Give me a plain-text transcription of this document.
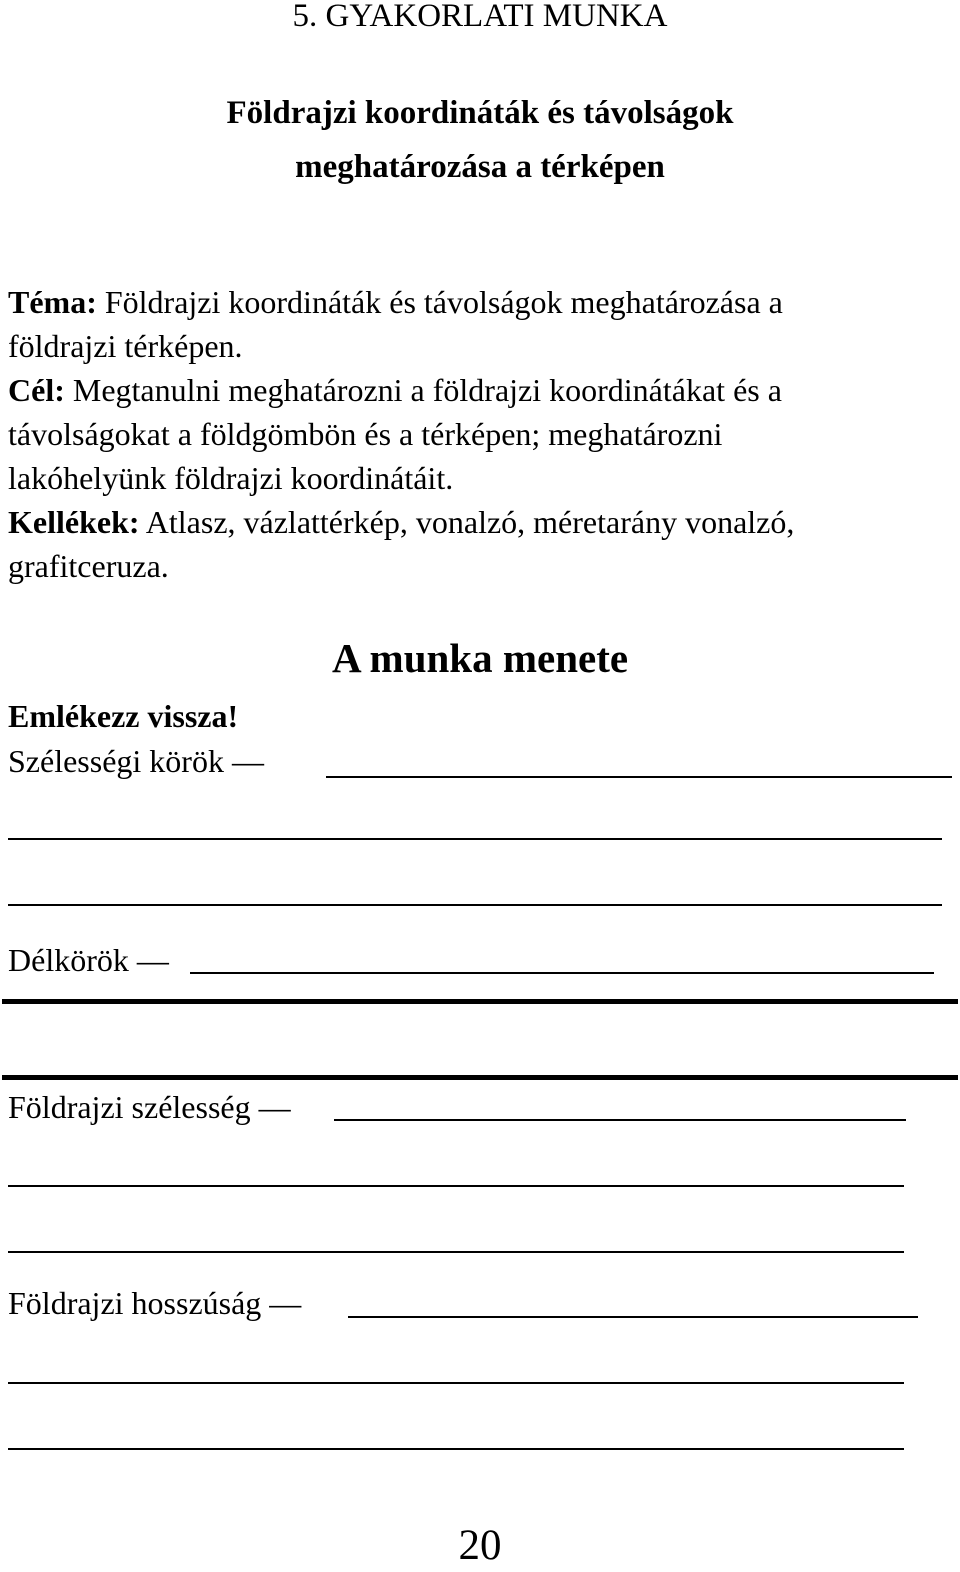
5. GYAKORLATI MUNKA
Földrajzi koordináták és távolságok
meghatározása a térképen
Téma: Földrajzi koordináták és távolságok meghatározása a
földrajzi térképen.
Cél: Megtanulni meghatározni a földrajzi koordinátákat és a
távolságokat a földgömbön és a térképen; meghatározni
lakóhelyünk földrajzi koordinátáit.
Kellékek: Atlasz, vázlattérkép, vonalzó, méretarány vonalzó,
grafitceruza.
A munka menete
Emlékezz vissza!
Szélességi körök —
Délkörök —
Földrajzi szélesség —
Földrajzi hosszúság —
20
